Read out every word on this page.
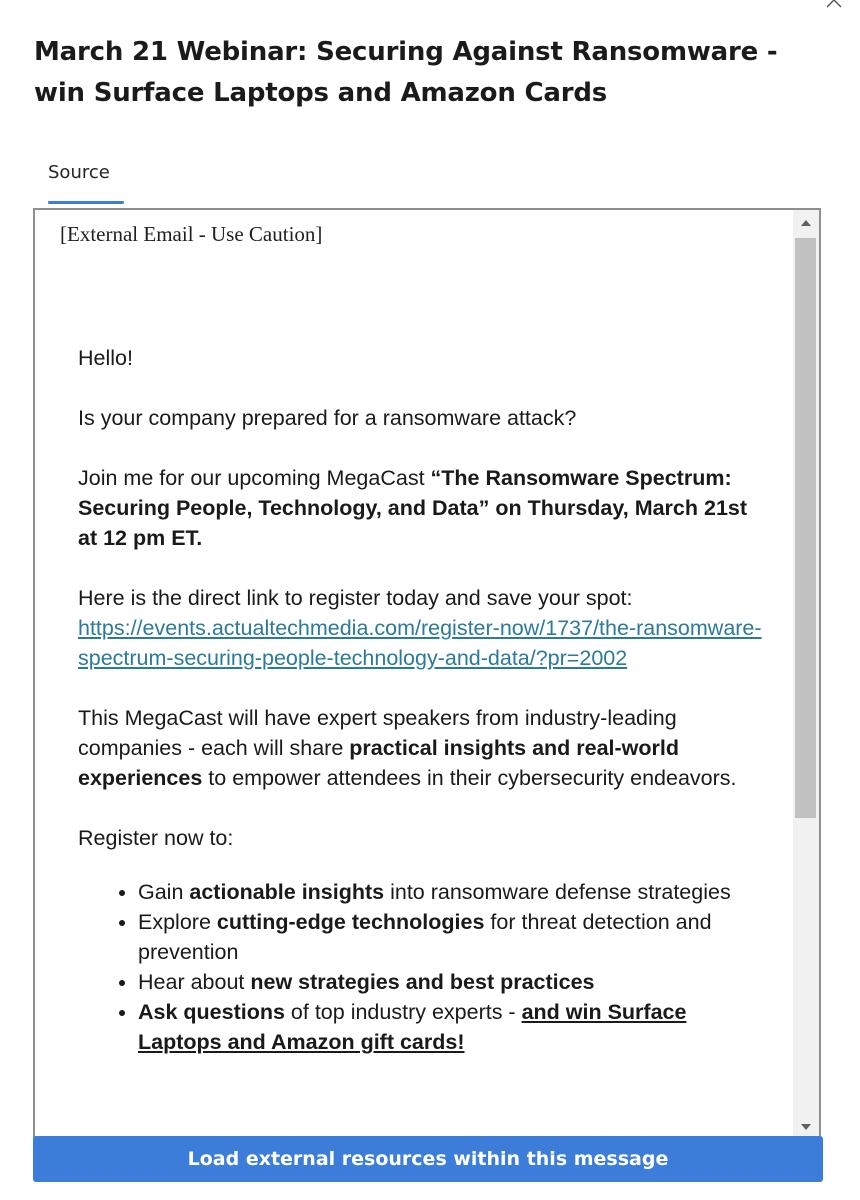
March 21 Webinar: Securing Against Ransomware - win Surface Laptops and Amazon Cards
Source
[External Email - Use Caution]

Hello!

Is your company prepared for a ransomware attack?

Join me for our upcoming MegaCast “The Ransomware Spectrum: Securing People, Technology, and Data” on Thursday, March 21st at 12 pm ET.

Here is the direct link to register today and save your spot:
https://events.actualtechmedia.com/register-now/1737/the-ransomware-spectrum-securing-people-technology-and-data/?pr=2002

This MegaCast will have expert speakers from industry-leading companies - each will share practical insights and real-world experiences to empower attendees in their cybersecurity endeavors.

Register now to:

• Gain actionable insights into ransomware defense strategies
• Explore cutting-edge technologies for threat detection and prevention
• Hear about new strategies and best practices
• Ask questions of top industry experts - and win Surface Laptops and Amazon gift cards!
Load external resources within this message
